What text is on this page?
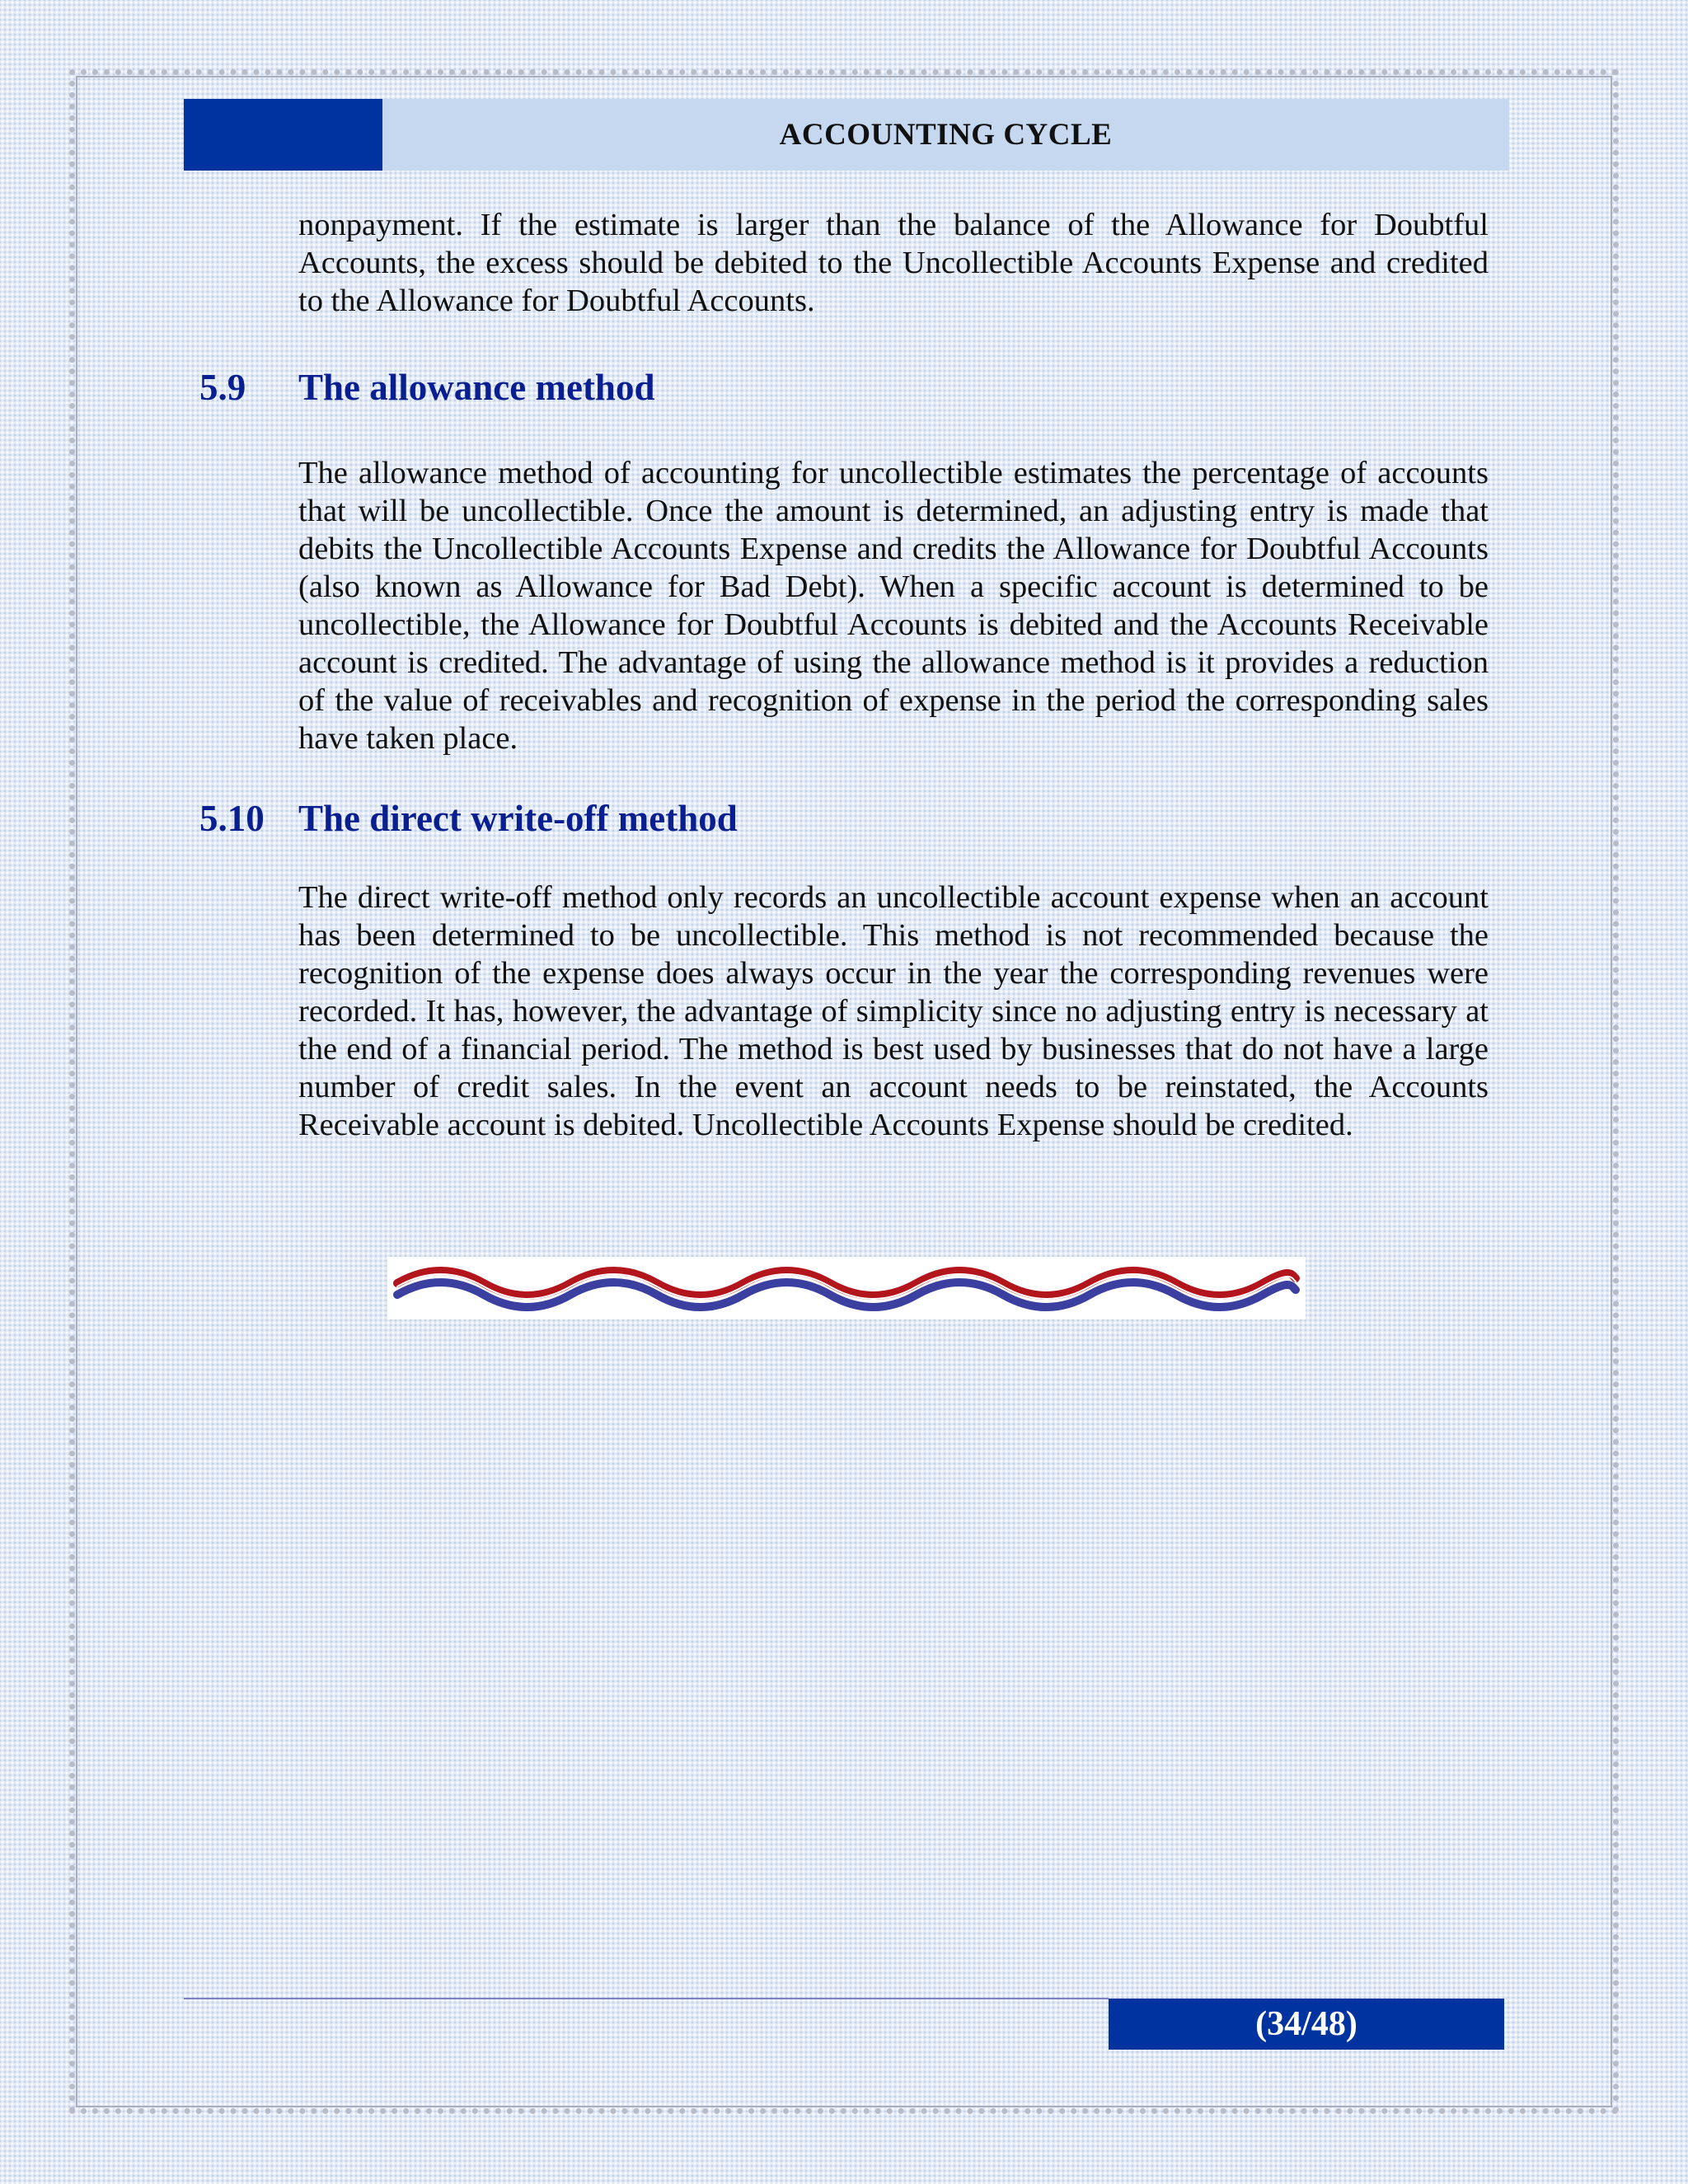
ACCOUNTING CYCLE

nonpayment. If the estimate is larger than the balance of the Allowance for Doubtful Accounts, the excess should be debited to the Uncollectible Accounts Expense and credited to the Allowance for Doubtful Accounts.

5.9 The allowance method

The allowance method of accounting for uncollectible estimates the percentage of accounts that will be uncollectible. Once the amount is determined, an adjusting entry is made that debits the Uncollectible Accounts Expense and credits the Allowance for Doubtful Accounts (also known as Allowance for Bad Debt). When a specific account is determined to be uncollectible, the Allowance for Doubtful Accounts is debited and the Accounts Receivable account is credited. The advantage of using the allowance method is it provides a reduction of the value of receivables and recognition of expense in the period the corresponding sales have taken place.

5.10 The direct write-off method

The direct write-off method only records an uncollectible account expense when an account has been determined to be uncollectible. This method is not recommended because the recognition of the expense does always occur in the year the corresponding revenues were recorded. It has, however, the advantage of simplicity since no adjusting entry is necessary at the end of a financial period. The method is best used by businesses that do not have a large number of credit sales. In the event an account needs to be reinstated, the Accounts Receivable account is debited. Uncollectible Accounts Expense should be credited.

(34/48)
